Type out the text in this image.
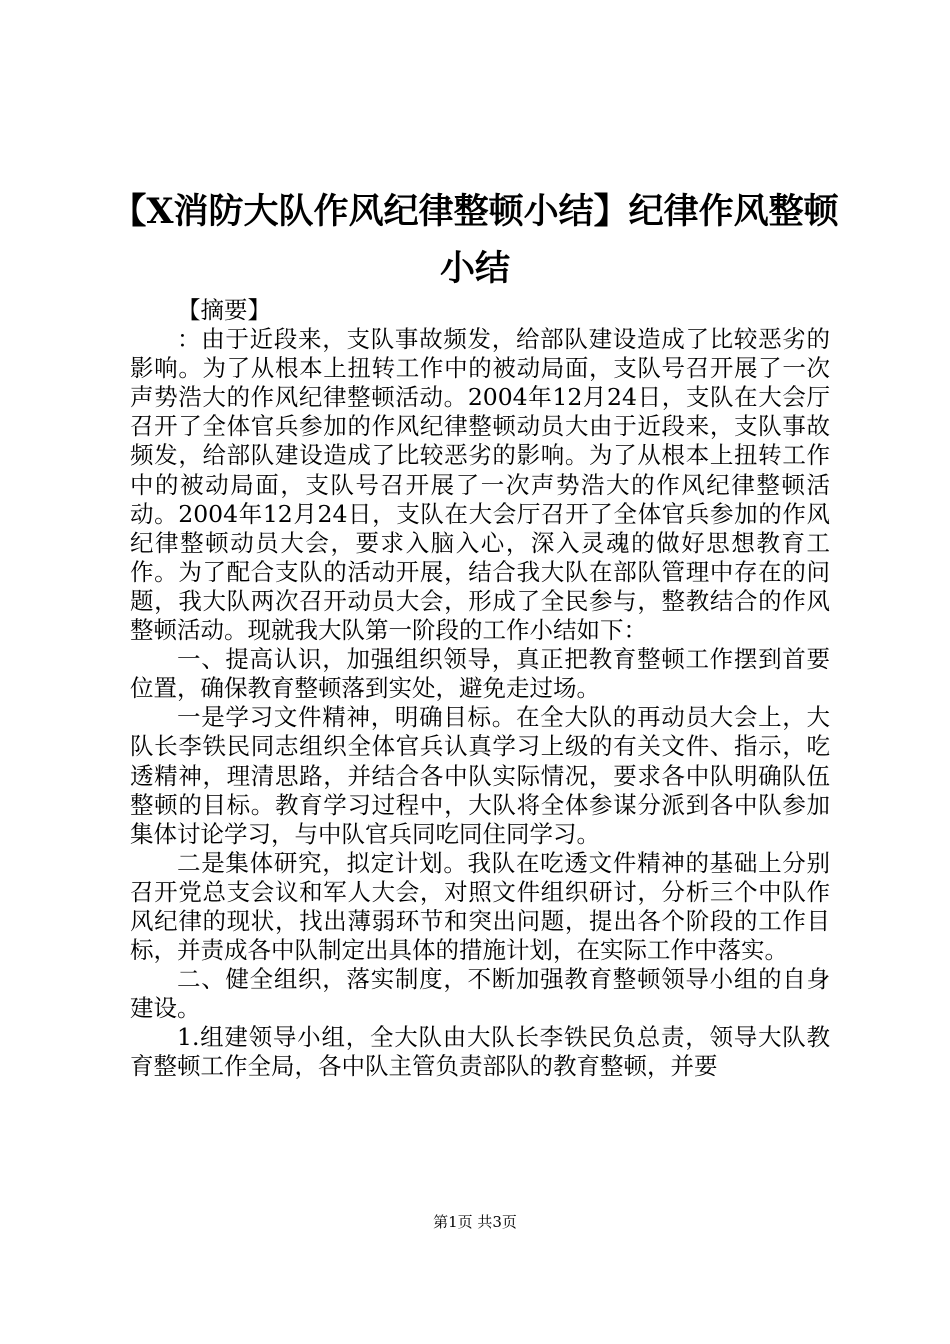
【X消防大队作风纪律整顿小结】纪律作风整顿小结

【摘要】

：由于近段来，支队事故频发，给部队建设造成了比较恶劣的影响。为了从根本上扭转工作中的被动局面，支队号召开展了一次声势浩大的作风纪律整顿活动。2004年12月24日，支队在大会厅召开了全体官兵参加的作风纪律整顿动员大由于近段来，支队事故频发，给部队建设造成了比较恶劣的影响。为了从根本上扭转工作中的被动局面，支队号召开展了一次声势浩大的作风纪律整顿活动。2004年12月24日，支队在大会厅召开了全体官兵参加的作风纪律整顿动员大会，要求入脑入心，深入灵魂的做好思想教育工作。为了配合支队的活动开展，结合我大队在部队管理中存在的问题，我大队两次召开动员大会，形成了全民参与，整教结合的作风整顿活动。现就我大队第一阶段的工作小结如下：

一、提高认识，加强组织领导，真正把教育整顿工作摆到首要位置，确保教育整顿落到实处，避免走过场。

一是学习文件精神，明确目标。在全大队的再动员大会上，大队长李铁民同志组织全体官兵认真学习上级的有关文件、指示，吃透精神，理清思路，并结合各中队实际情况，要求各中队明确队伍整顿的目标。教育学习过程中，大队将全体参谋分派到各中队参加集体讨论学习，与中队官兵同吃同住同学习。

二是集体研究，拟定计划。我队在吃透文件精神的基础上分别召开党总支会议和军人大会，对照文件组织研讨，分析三个中队作风纪律的现状，找出薄弱环节和突出问题，提出各个阶段的工作目标，并责成各中队制定出具体的措施计划，在实际工作中落实。

二、健全组织，落实制度，不断加强教育整顿领导小组的自身建设。

1.组建领导小组，全大队由大队长李铁民负总责，领导大队教育整顿工作全局，各中队主管负责部队的教育整顿，并要

第1页 共3页
